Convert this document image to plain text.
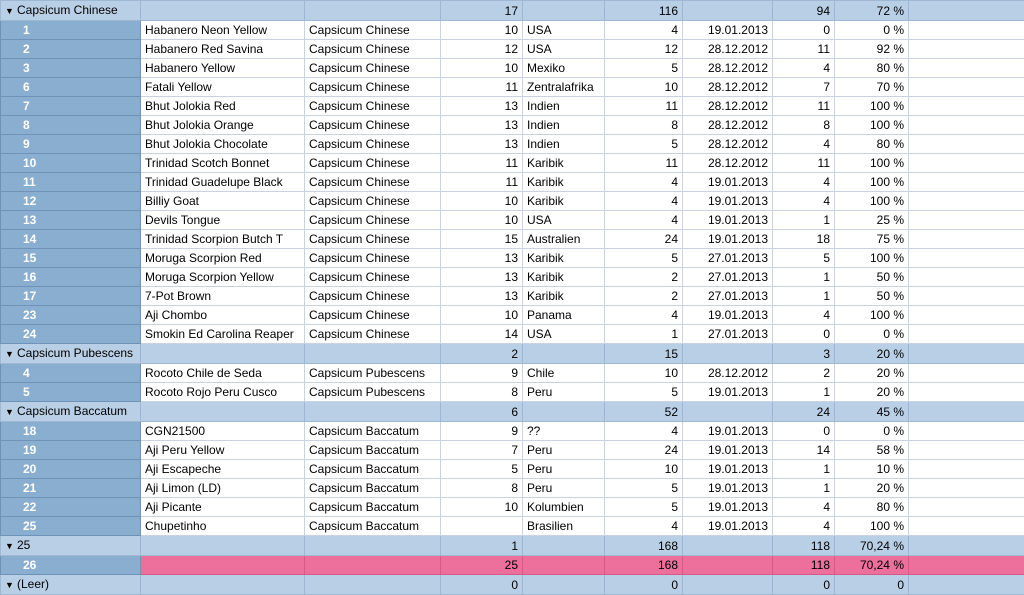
▼ Capsicum Chinese			17		116		94	72 %	
1	Habanero Neon Yellow	Capsicum Chinese	10	USA	4	19.01.2013	0	0 %	
2	Habanero Red Savina	Capsicum Chinese	12	USA	12	28.12.2012	11	92 %	
3	Habanero Yellow	Capsicum Chinese	10	Mexiko	5	28.12.2012	4	80 %	
6	Fatali Yellow	Capsicum Chinese	11	Zentralafrika	10	28.12.2012	7	70 %	
7	Bhut Jolokia Red	Capsicum Chinese	13	Indien	11	28.12.2012	11	100 %	
8	Bhut Jolokia Orange	Capsicum Chinese	13	Indien	8	28.12.2012	8	100 %	
9	Bhut Jolokia Chocolate	Capsicum Chinese	13	Indien	5	28.12.2012	4	80 %	
10	Trinidad Scotch Bonnet	Capsicum Chinese	11	Karibik	11	28.12.2012	11	100 %	
11	Trinidad Guadelupe Black	Capsicum Chinese	11	Karibik	4	19.01.2013	4	100 %	
12	Billiy Goat	Capsicum Chinese	10	Karibik	4	19.01.2013	4	100 %	
13	Devils Tongue	Capsicum Chinese	10	USA	4	19.01.2013	1	25 %	
14	Trinidad Scorpion Butch T	Capsicum Chinese	15	Australien	24	19.01.2013	18	75 %	
15	Moruga Scorpion Red	Capsicum Chinese	13	Karibik	5	27.01.2013	5	100 %	
16	Moruga Scorpion Yellow	Capsicum Chinese	13	Karibik	2	27.01.2013	1	50 %	
17	7-Pot Brown	Capsicum Chinese	13	Karibik	2	27.01.2013	1	50 %	
23	Aji Chombo	Capsicum Chinese	10	Panama	4	19.01.2013	4	100 %	
24	Smokin Ed Carolina Reaper	Capsicum Chinese	14	USA	1	27.01.2013	0	0 %	
▼ Capsicum Pubescens			2		15		3	20 %	
4	Rocoto Chile de Seda	Capsicum Pubescens	9	Chile	10	28.12.2012	2	20 %	
5	Rocoto Rojo Peru Cusco	Capsicum Pubescens	8	Peru	5	19.01.2013	1	20 %	
▼ Capsicum Baccatum			6		52		24	45 %	
18	CGN21500	Capsicum Baccatum	9	??	4	19.01.2013	0	0 %	
19	Aji Peru Yellow	Capsicum Baccatum	7	Peru	24	19.01.2013	14	58 %	
20	Aji Escapeche	Capsicum Baccatum	5	Peru	10	19.01.2013	1	10 %	
21	Aji Limon (LD)	Capsicum Baccatum	8	Peru	5	19.01.2013	1	20 %	
22	Aji Picante	Capsicum Baccatum	10	Kolumbien	5	19.01.2013	4	80 %	
25	Chupetinho	Capsicum Baccatum		Brasilien	4	19.01.2013	4	100 %	
▼ 25			1		168		118	70,24 %	
26			25		168		118	70,24 %	
▼ (Leer)			0		0		0	0	
